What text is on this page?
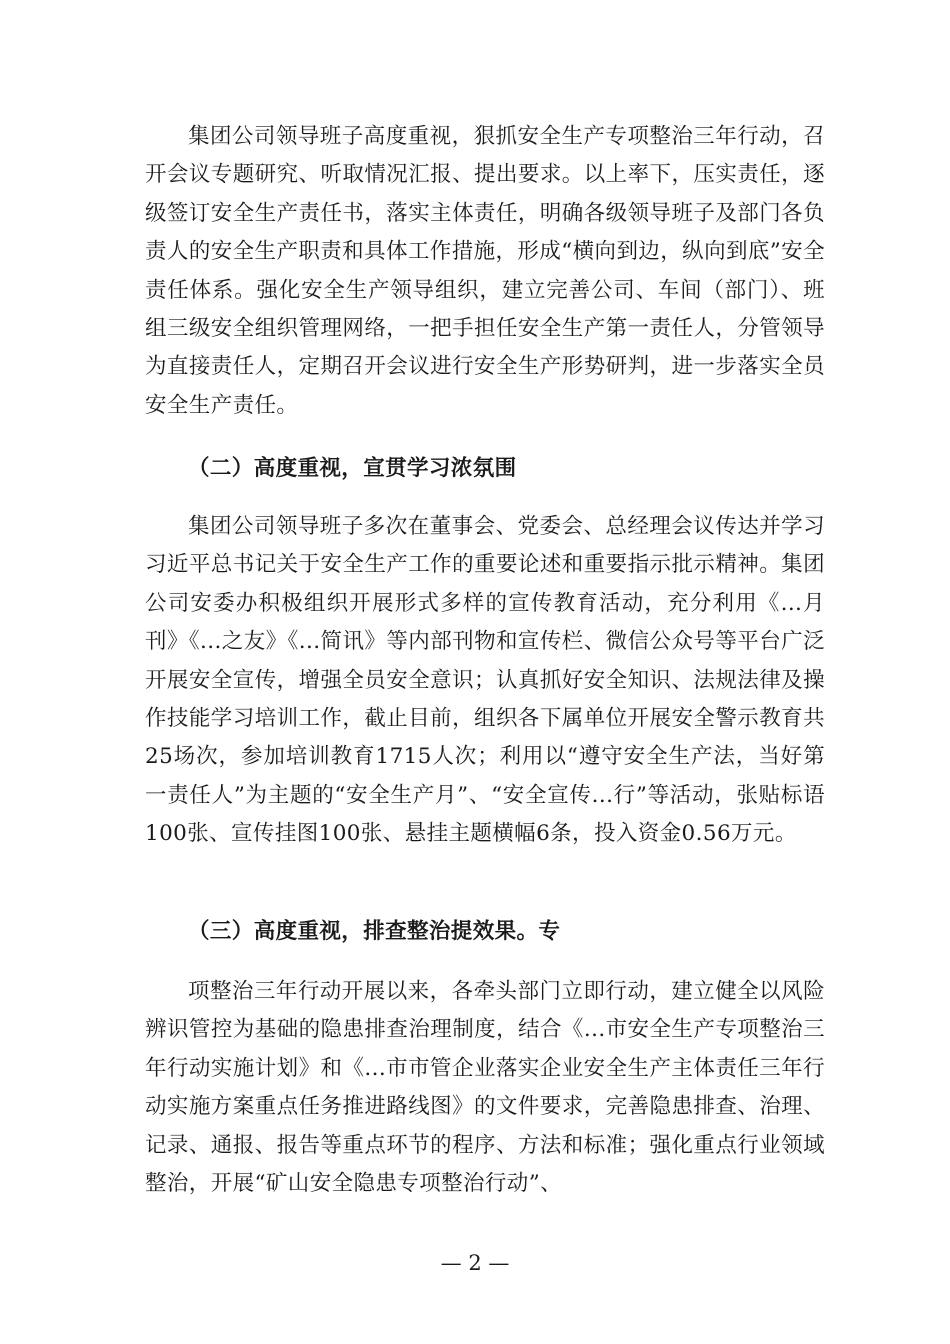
集团公司领导班子高度重视，狠抓安全生产专项整治三年行动，召开会议专题研究、听取情况汇报、提出要求。以上率下，压实责任，逐级签订安全生产责任书，落实主体责任，明确各级领导班子及部门各负责人的安全生产职责和具体工作措施，形成“横向到边，纵向到底”安全责任体系。强化安全生产领导组织，建立完善公司、车间（部门）、班组三级安全组织管理网络，一把手担任安全生产第一责任人，分管领导为直接责任人，定期召开会议进行安全生产形势研判，进一步落实全员安全生产责任。

（二）高度重视，宣贯学习浓氛围

集团公司领导班子多次在董事会、党委会、总经理会议传达并学习习近平总书记关于安全生产工作的重要论述和重要指示批示精神。集团公司安委办积极组织开展形式多样的宣传教育活动，充分利用《...月刊》《...之友》《...简讯》等内部刊物和宣传栏、微信公众号等平台广泛开展安全宣传，增强全员安全意识；认真抓好安全知识、法规法律及操作技能学习培训工作，截止目前，组织各下属单位开展安全警示教育共25场次，参加培训教育1715人次；利用以“遵守安全生产法，当好第一责任人”为主题的“安全生产月”、“安全宣传...行”等活动，张贴标语100张、宣传挂图100张、悬挂主题横幅6条，投入资金0.56万元。

（三）高度重视，排查整治提效果。专

项整治三年行动开展以来，各牵头部门立即行动，建立健全以风险辨识管控为基础的隐患排查治理制度，结合《...市安全生产专项整治三年行动实施计划》和《...市市管企业落实企业安全生产主体责任三年行动实施方案重点任务推进路线图》的文件要求，完善隐患排查、治理、记录、通报、报告等重点环节的程序、方法和标准；强化重点行业领域整治，开展“矿山安全隐患专项整治行动”、

— 2 —
